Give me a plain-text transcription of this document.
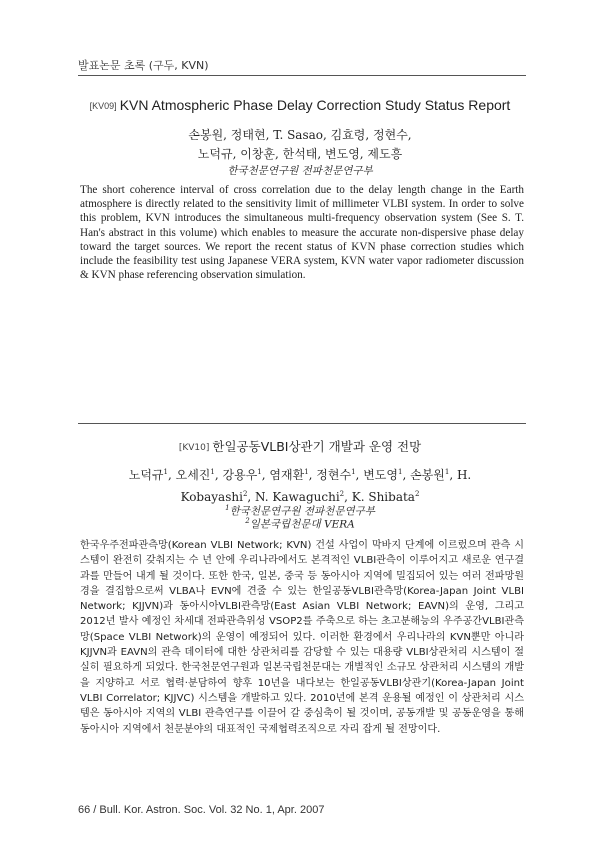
발표논문 초록 (구두, KVN)
[KV09] KVN Atmospheric Phase Delay Correction Study Status Report
손봉원, 정태현, T. Sasao, 김효령, 정현수,
노덕규, 이창훈, 한석태, 변도영, 제도흥
한국천문연구원 전파천문연구부
The short coherence interval of cross correlation due to the delay length change in the Earth atmosphere is directly related to the sensitivity limit of millimeter VLBI system. In order to solve this problem, KVN introduces the simultaneous multi-frequency observation system (See S. T. Han's abstract in this volume) which enables to measure the accurate non-dispersive phase delay toward the target sources. We report the recent status of KVN phase correction studies which include the feasibility test using Japanese VERA system, KVN water vapor radiometer discussion & KVN phase referencing observation simulation.
[KV10] 한일공동VLBI상관기 개발과 운영 전망
노덕규$^1$, 오세진$^1$, 강용우$^1$, 염재환$^1$, 정현수$^1$, 변도영$^1$, 손봉원$^1$, H. Kobayashi$^2$, N. Kawaguchi$^2$, K. Shibata$^2$
$^1$한국천문연구원 전파천문연구부
$^2$일본국립천문대 VERA
한국우주전파관측망(Korean VLBI Network; KVN) 건설 사업이 막바지 단계에 이르렀으며 관측 시스템이 완전히 갖춰지는 수 년 안에 우리나라에서도 본격적인 VLBI관측이 이루어지고 새로운 연구결과를 만들어 내게 될 것이다. 또한 한국, 일본, 중국 등 동아시아 지역에 밀집되어 있는 여러 전파망원경을 결집함으로써 VLBA나 EVN에 견줄 수 있는 한일공동VLBI관측망(Korea-Japan Joint VLBI Network; KJJVN)과 동아시아VLBI관측망(East Asian VLBI Network; EAVN)의 운영, 그리고 2012년 발사 예정인 차세대 전파관측위성 VSOP2를 주축으로 하는 초고분해능의 우주공간VLBI관측망(Space VLBI Network)의 운영이 예정되어 있다. 이러한 환경에서 우리나라의 KVN뿐만 아니라 KJJVN과 EAVN의 관측 데이터에 대한 상관처리를 감당할 수 있는 대용량 VLBI상관처리 시스템이 절실히 필요하게 되었다. 한국천문연구원과 일본국립천문대는 개별적인 소규모 상관처리 시스템의 개발을 지양하고 서로 협력·분담하여 향후 10년을 내다보는 한일공동VLBI상관기(Korea-Japan Joint VLBI Correlator; KJJVC) 시스템을 개발하고 있다. 2010년에 본격 운용될 예정인 이 상관처리 시스템은 동아시아 지역의 VLBI 관측연구를 이끌어 갈 중심축이 될 것이며, 공동개발 및 공동운영을 통해 동아시아 지역에서 천문분야의 대표적인 국제협력조직으로 자리 잡게 될 전망이다.
66 / Bull. Kor. Astron. Soc. Vol. 32 No. 1, Apr. 2007
